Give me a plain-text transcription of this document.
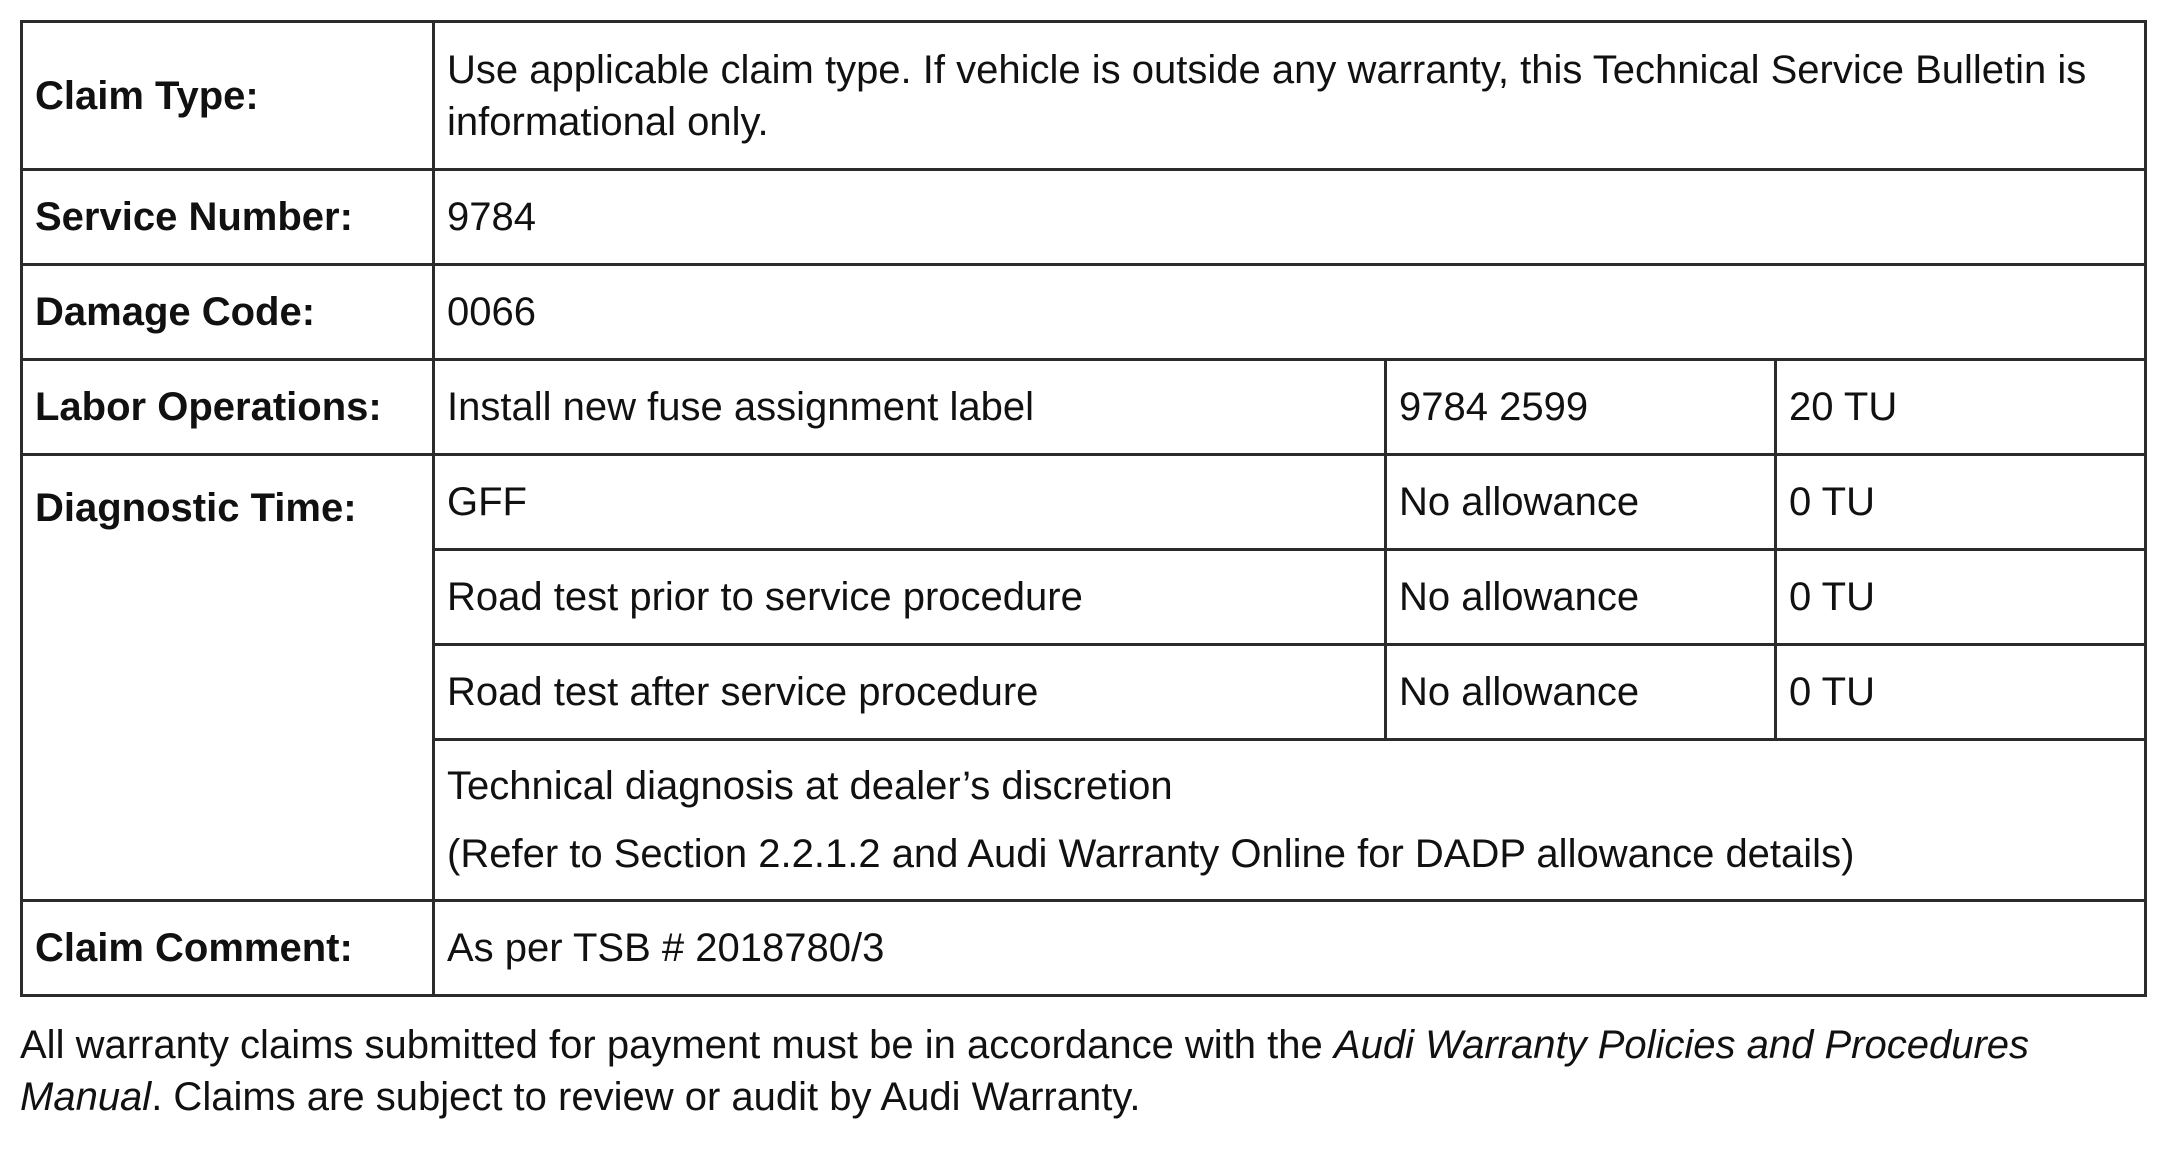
Claim Type:	Use applicable claim type. If vehicle is outside any warranty, this Technical Service Bulletin is informational only.		
Service Number:	9784		
Damage Code:	0066		
Labor Operations:	Install new fuse assignment label	9784 2599	20 TU
Diagnostic Time:	GFF	No allowance	0 TU
	Road test prior to service procedure	No allowance	0 TU
	Road test after service procedure	No allowance	0 TU

	Technical diagnosis at dealer’s discretion
(Refer to Section 2.2.1.2 and Audi Warranty Online for DADP allowance details)		

Claim Comment:	As per TSB # 2018780/3		

All warranty claims submitted for payment must be in accordance with the Audi Warranty Policies and Procedures Manual. Claims are subject to review or audit by Audi Warranty.
